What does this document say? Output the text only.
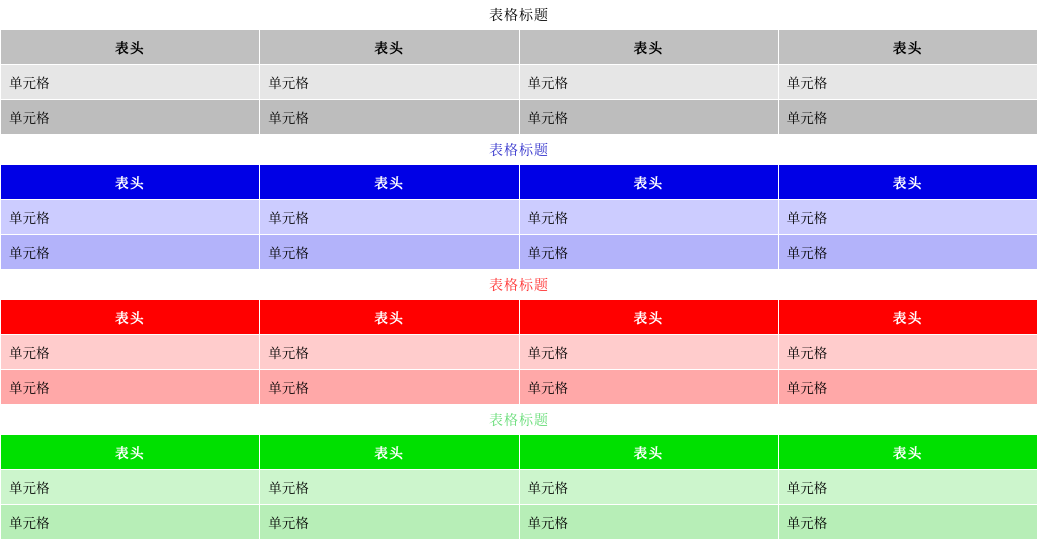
表格标题
表头	表头	表头	表头
单元格	单元格	单元格	单元格
单元格	单元格	单元格	单元格
表格标题
表头	表头	表头	表头
单元格	单元格	单元格	单元格
单元格	单元格	单元格	单元格
表格标题
表头	表头	表头	表头
单元格	单元格	单元格	单元格
单元格	单元格	单元格	单元格
表格标题
表头	表头	表头	表头
单元格	单元格	单元格	单元格
单元格	单元格	单元格	单元格
